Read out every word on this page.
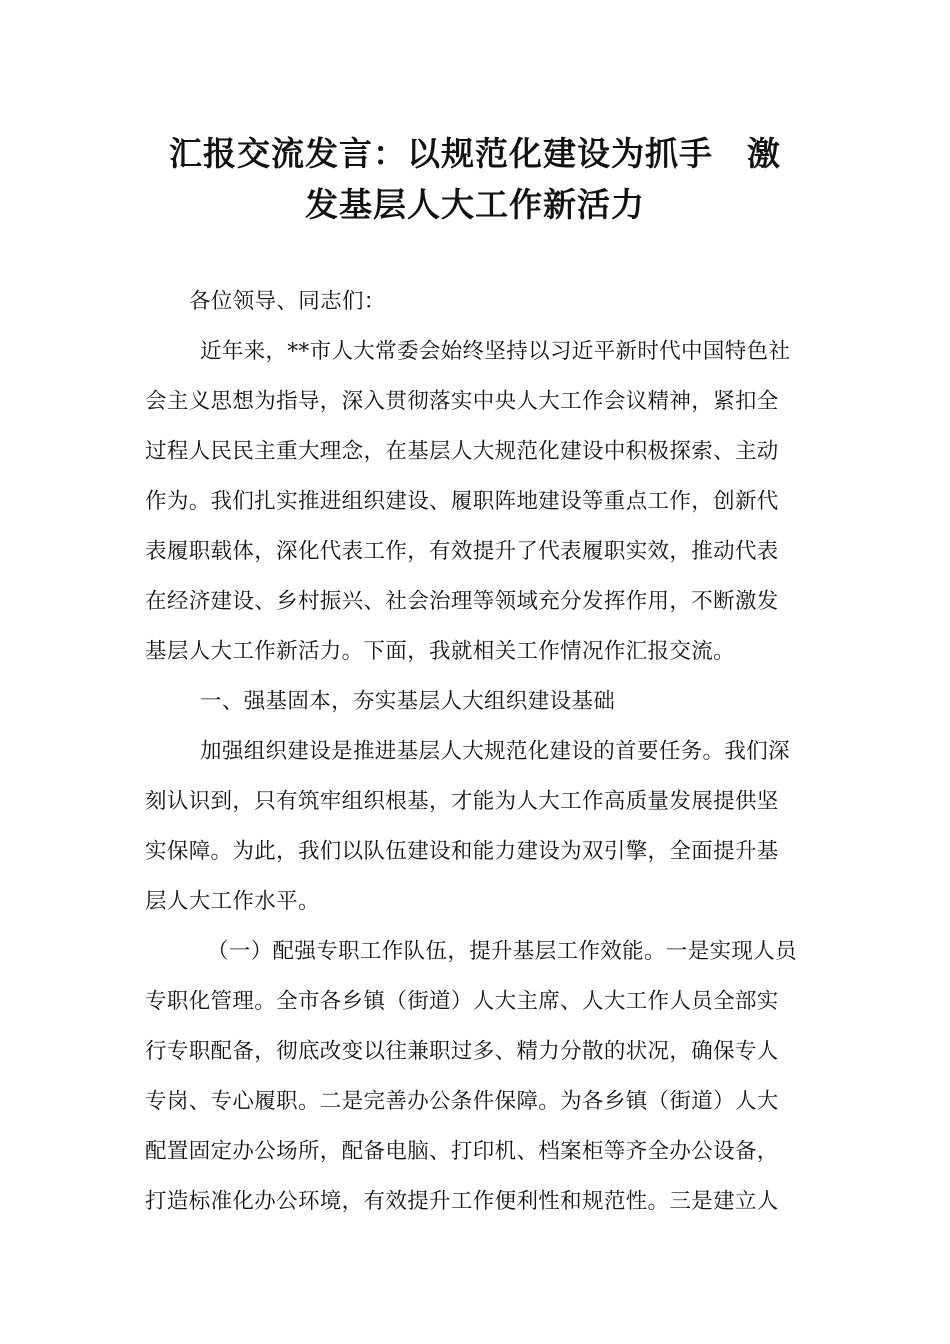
汇报交流发言：以规范化建设为抓手　激
发基层人大工作新活力
各位领导、同志们：
近年来，**市人大常委会始终坚持以习近平新时代中国特色社
会主义思想为指导，深入贯彻落实中央人大工作会议精神，紧扣全
过程人民民主重大理念，在基层人大规范化建设中积极探索、主动
作为。我们扎实推进组织建设、履职阵地建设等重点工作，创新代
表履职载体，深化代表工作，有效提升了代表履职实效，推动代表
在经济建设、乡村振兴、社会治理等领域充分发挥作用，不断激发
基层人大工作新活力。下面，我就相关工作情况作汇报交流。
一、强基固本，夯实基层人大组织建设基础
加强组织建设是推进基层人大规范化建设的首要任务。我们深
刻认识到，只有筑牢组织根基，才能为人大工作高质量发展提供坚
实保障。为此，我们以队伍建设和能力建设为双引擎，全面提升基
层人大工作水平。
（一）配强专职工作队伍，提升基层工作效能。一是实现人员
专职化管理。全市各乡镇（街道）人大主席、人大工作人员全部实
行专职配备，彻底改变以往兼职过多、精力分散的状况，确保专人
专岗、专心履职。二是完善办公条件保障。为各乡镇（街道）人大
配置固定办公场所，配备电脑、打印机、档案柜等齐全办公设备，
打造标准化办公环境，有效提升工作便利性和规范性。三是建立人
